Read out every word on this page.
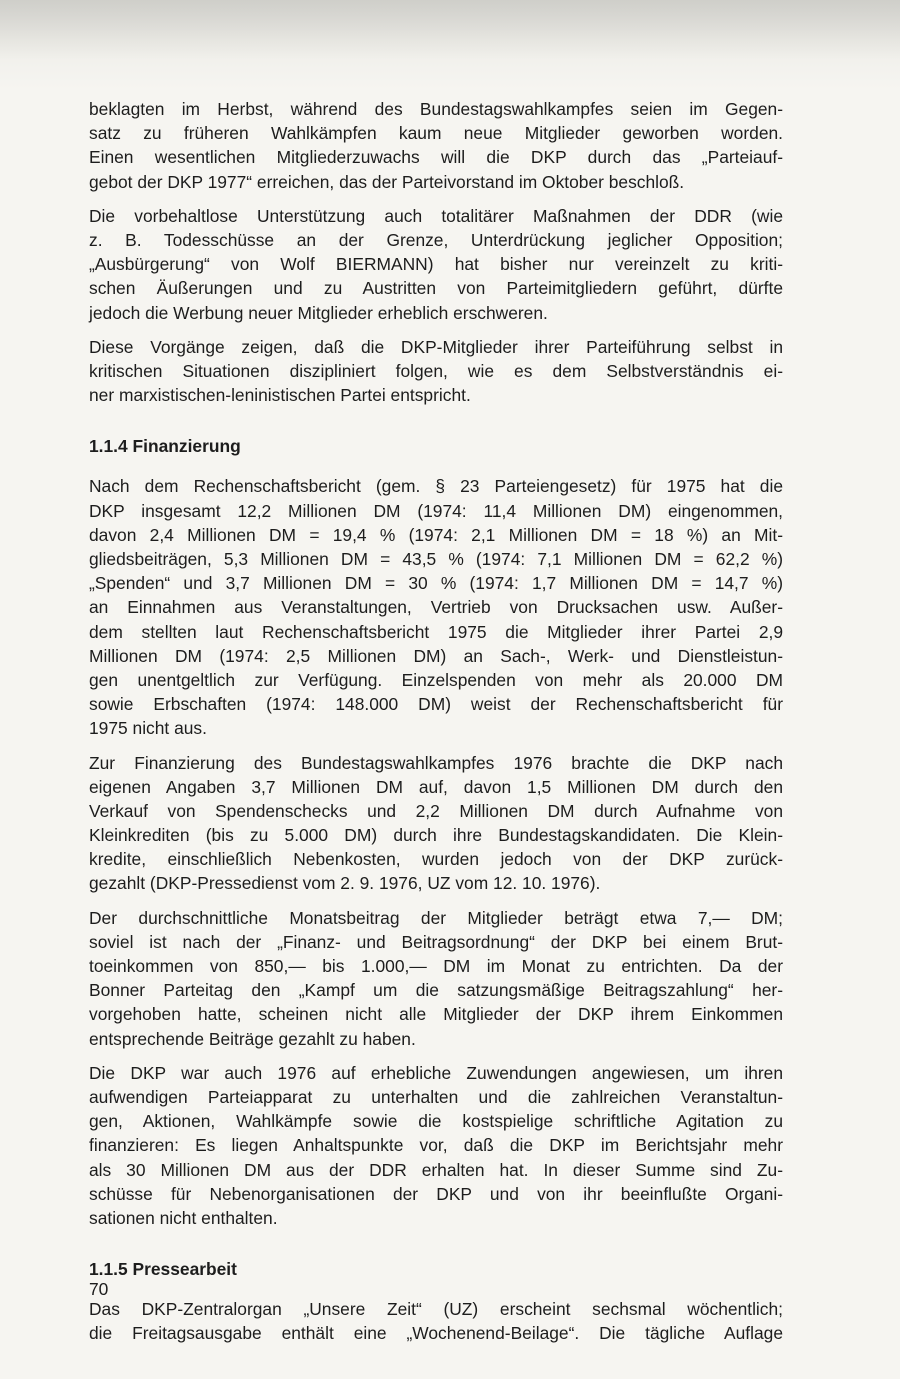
beklagten im Herbst, während des Bundestagswahlkampfes seien im Gegen-
satz zu früheren Wahlkämpfen kaum neue Mitglieder geworben worden.
Einen wesentlichen Mitgliederzuwachs will die DKP durch das „Parteiauf-
gebot der DKP 1977“ erreichen, das der Parteivorstand im Oktober beschloß.
Die vorbehaltlose Unterstützung auch totalitärer Maßnahmen der DDR (wie
z. B. Todesschüsse an der Grenze, Unterdrückung jeglicher Opposition;
„Ausbürgerung“ von Wolf BIERMANN) hat bisher nur vereinzelt zu kriti-
schen Äußerungen und zu Austritten von Parteimitgliedern geführt, dürfte
jedoch die Werbung neuer Mitglieder erheblich erschweren.
Diese Vorgänge zeigen, daß die DKP-Mitglieder ihrer Parteiführung selbst in
kritischen Situationen diszipliniert folgen, wie es dem Selbstverständnis ei-
ner marxistischen-leninistischen Partei entspricht.
1.1.4 Finanzierung
Nach dem Rechenschaftsbericht (gem. § 23 Parteiengesetz) für 1975 hat die
DKP insgesamt 12,2 Millionen DM (1974: 11,4 Millionen DM) eingenommen,
davon 2,4 Millionen DM = 19,4 % (1974: 2,1 Millionen DM = 18 %) an Mit-
gliedsbeiträgen, 5,3 Millionen DM = 43,5 % (1974: 7,1 Millionen DM = 62,2 %)
„Spenden“ und 3,7 Millionen DM = 30 % (1974: 1,7 Millionen DM = 14,7 %)
an Einnahmen aus Veranstaltungen, Vertrieb von Drucksachen usw. Außer-
dem stellten laut Rechenschaftsbericht 1975 die Mitglieder ihrer Partei 2,9
Millionen DM (1974: 2,5 Millionen DM) an Sach-, Werk- und Dienstleistun-
gen unentgeltlich zur Verfügung. Einzelspenden von mehr als 20.000 DM
sowie Erbschaften (1974: 148.000 DM) weist der Rechenschaftsbericht für
1975 nicht aus.
Zur Finanzierung des Bundestagswahlkampfes 1976 brachte die DKP nach
eigenen Angaben 3,7 Millionen DM auf, davon 1,5 Millionen DM durch den
Verkauf von Spendenschecks und 2,2 Millionen DM durch Aufnahme von
Kleinkrediten (bis zu 5.000 DM) durch ihre Bundestagskandidaten. Die Klein-
kredite, einschließlich Nebenkosten, wurden jedoch von der DKP zurück-
gezahlt (DKP-Pressedienst vom 2. 9. 1976, UZ vom 12. 10. 1976).
Der durchschnittliche Monatsbeitrag der Mitglieder beträgt etwa 7,— DM;
soviel ist nach der „Finanz- und Beitragsordnung“ der DKP bei einem Brut-
toeinkommen von 850,— bis 1.000,— DM im Monat zu entrichten. Da der
Bonner Parteitag den „Kampf um die satzungsmäßige Beitragszahlung“ her-
vorgehoben hatte, scheinen nicht alle Mitglieder der DKP ihrem Einkommen
entsprechende Beiträge gezahlt zu haben.
Die DKP war auch 1976 auf erhebliche Zuwendungen angewiesen, um ihren
aufwendigen Parteiapparat zu unterhalten und die zahlreichen Veranstaltun-
gen, Aktionen, Wahlkämpfe sowie die kostspielige schriftliche Agitation zu
finanzieren: Es liegen Anhaltspunkte vor, daß die DKP im Berichtsjahr mehr
als 30 Millionen DM aus der DDR erhalten hat. In dieser Summe sind Zu-
schüsse für Nebenorganisationen der DKP und von ihr beeinflußte Organi-
sationen nicht enthalten.
1.1.5 Pressearbeit
Das DKP-Zentralorgan „Unsere Zeit“ (UZ) erscheint sechsmal wöchentlich;
die Freitagsausgabe enthält eine „Wochenend-Beilage“. Die tägliche Auflage
70
